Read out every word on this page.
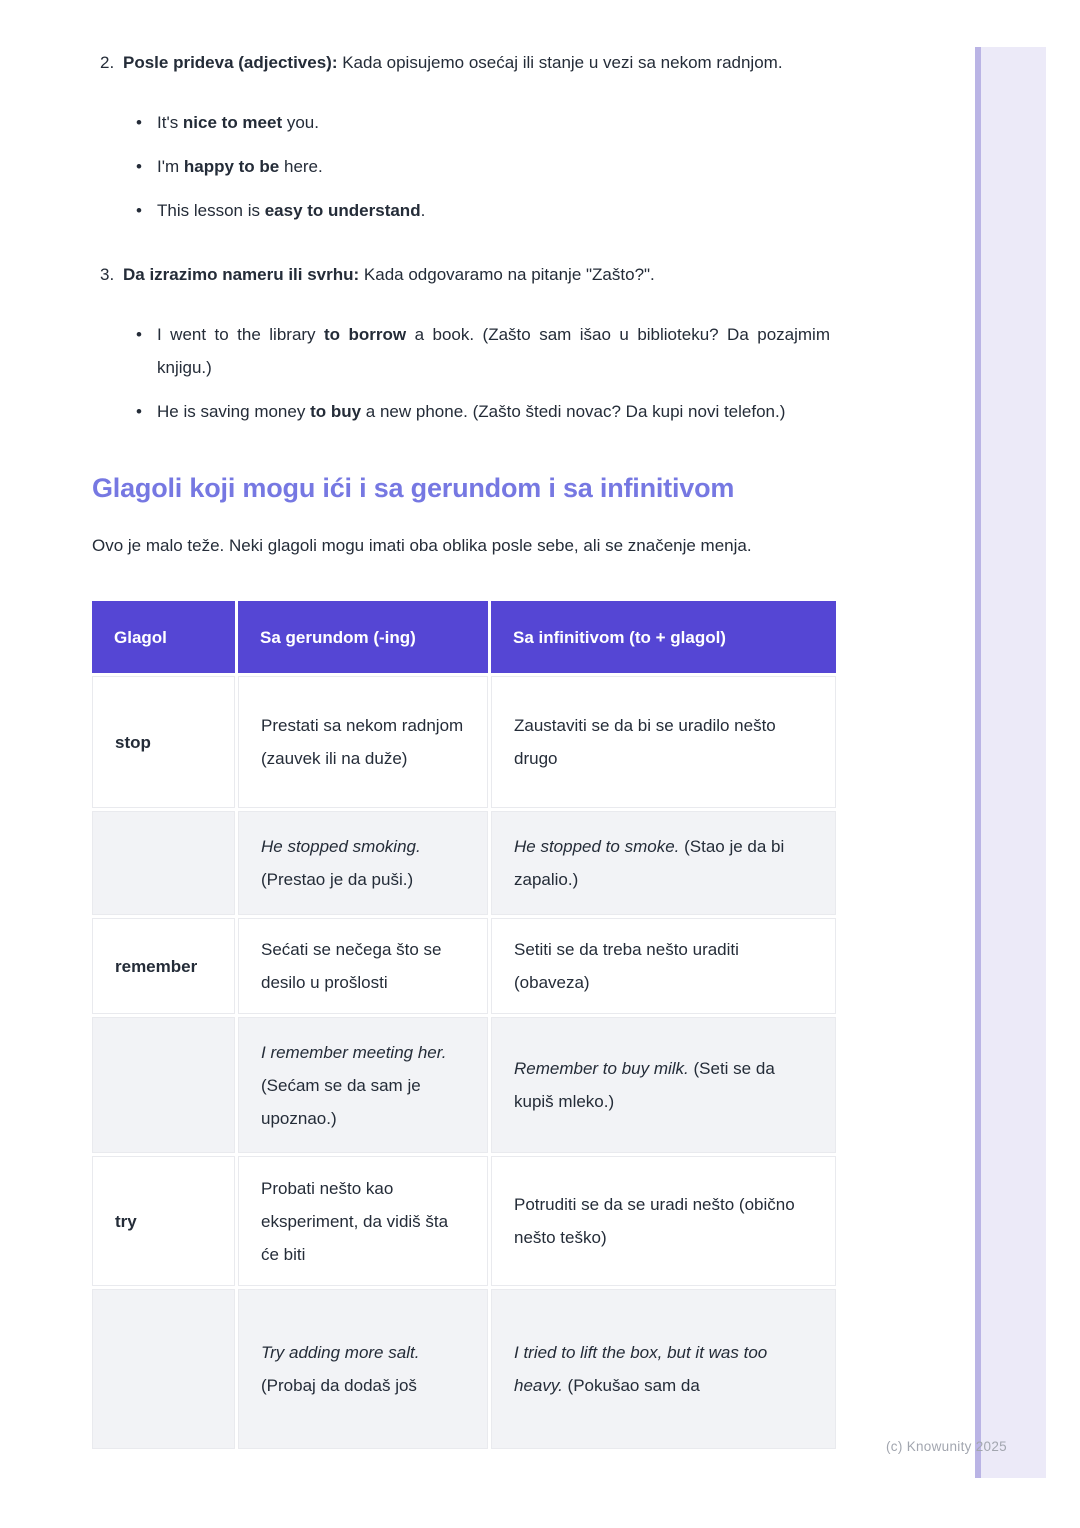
2. Posle prideva (adjectives): Kada opisujemo osećaj ili stanje u vezi sa nekom radnjom.

• It's nice to meet you.

• I'm happy to be here.

• This lesson is easy to understand.

3. Da izrazimo nameru ili svrhu: Kada odgovaramo na pitanje "Zašto?".

• I went to the library to borrow a book. (Zašto sam išao u biblioteku? Da pozajmim knjigu.)

• He is saving money to buy a new phone. (Zašto štedi novac? Da kupi novi telefon.)

Glagoli koji mogu ići i sa gerundom i sa infinitivom

Ovo je malo teže. Neki glagoli mogu imati oba oblika posle sebe, ali se značenje menja.

Glagol	Sa gerundom (-ing)	Sa infinitivom (to + glagol)
stop	Prestati sa nekom radnjom (zauvek ili na duže)	Zaustaviti se da bi se uradilo nešto drugo
	He stopped smoking. (Prestao je da puši.)	He stopped to smoke. (Stao je da bi zapalio.)
remember	Sećati se nečega što se desilo u prošlosti	Setiti se da treba nešto uraditi (obaveza)
	I remember meeting her. (Sećam se da sam je upoznao.)	Remember to buy milk. (Seti se da kupiš mleko.)
try	Probati nešto kao eksperiment, da vidiš šta će biti	Potruditi se da se uradi nešto (obično nešto teško)
	Try adding more salt. (Probaj da dodaš još	I tried to lift the box, but it was too heavy. (Pokušao sam da
(c) Knowunity 2025
